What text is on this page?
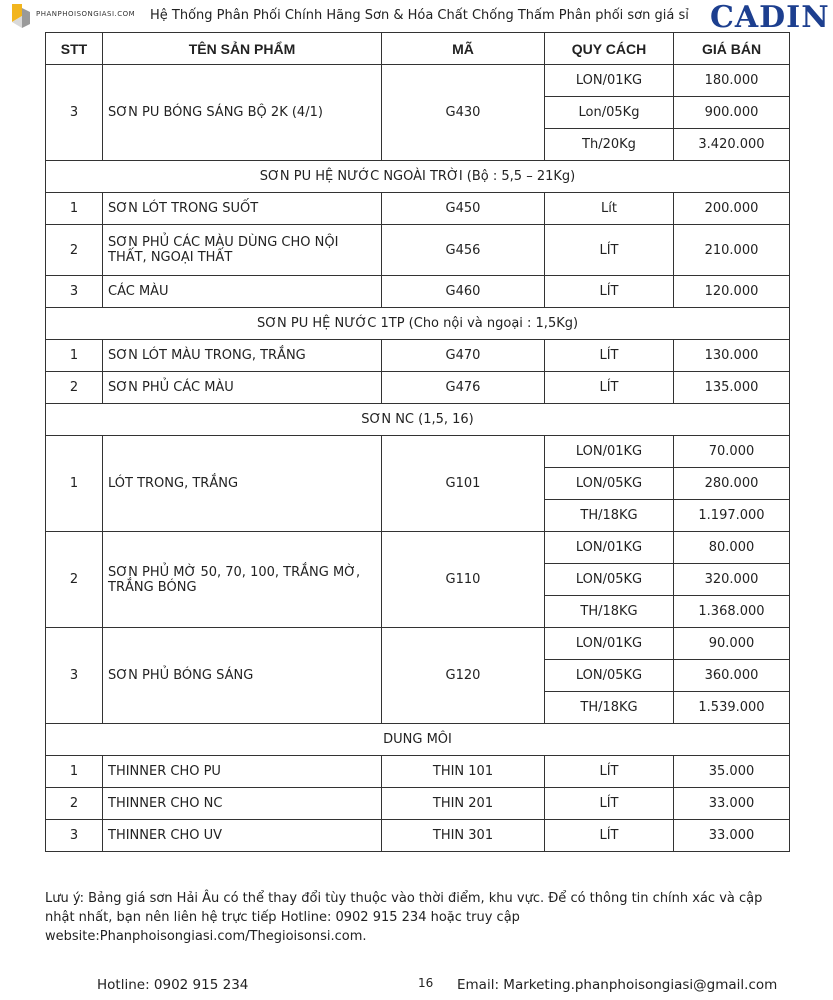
PHANPHOISONGIASI.COM Hệ Thống Phân Phối Chính Hãng Sơn & Hóa Chất Chống Thấm Phân phối sơn giá sỉ CADIN
STT	TÊN SẢN PHẨM	MÃ	QUY CÁCH	GIÁ BÁN
3	SƠN PU BÓNG SÁNG BỘ 2K (4/1)	G430	LON/01KG	180.000
			Lon/05Kg	900.000
			Th/20Kg	3.420.000
SƠN PU HỆ NƯỚC NGOÀI TRỜI (Bộ : 5,5 – 21Kg)				
1	SƠN LÓT TRONG SUỐT	G450	Lít	200.000
2	SƠN PHỦ CÁC MÀU DÙNG CHO NỘI THẤT, NGOẠI THẤT	G456	LÍT	210.000
3	CÁC MÀU	G460	LÍT	120.000
SƠN PU HỆ NƯỚC 1TP (Cho nội và ngoại : 1,5Kg)				
1	SƠN LÓT MÀU TRONG, TRẮNG	G470	LÍT	130.000
2	SƠN PHỦ CÁC MÀU	G476	LÍT	135.000
SƠN NC (1,5, 16)				
1	LÓT TRONG, TRẮNG	G101	LON/01KG	70.000
			LON/05KG	280.000
			TH/18KG	1.197.000
2	SƠN PHỦ MỜ 50, 70, 100, TRẮNG MỜ, TRẮNG BÓNG	G110	LON/01KG	80.000
			LON/05KG	320.000
			TH/18KG	1.368.000
3	SƠN PHỦ BÓNG SÁNG	G120	LON/01KG	90.000
			LON/05KG	360.000
			TH/18KG	1.539.000
DUNG MÔI				
1	THINNER CHO PU	THIN 101	LÍT	35.000
2	THINNER CHO NC	THIN 201	LÍT	33.000
3	THINNER CHO UV	THIN 301	LÍT	33.000
Lưu ý: Bảng giá sơn Hải Âu có thể thay đổi tùy thuộc vào thời điểm, khu vực. Để có thông tin chính xác và cập nhật nhất, bạn nên liên hệ trực tiếp Hotline: 0902 915 234 hoặc truy cập website:Phanphoisongiasi.com/Thegioisonsi.com.
Hotline: 0902 915 234	16 Email: Marketing.phanphoisongiasi@gmail.com
